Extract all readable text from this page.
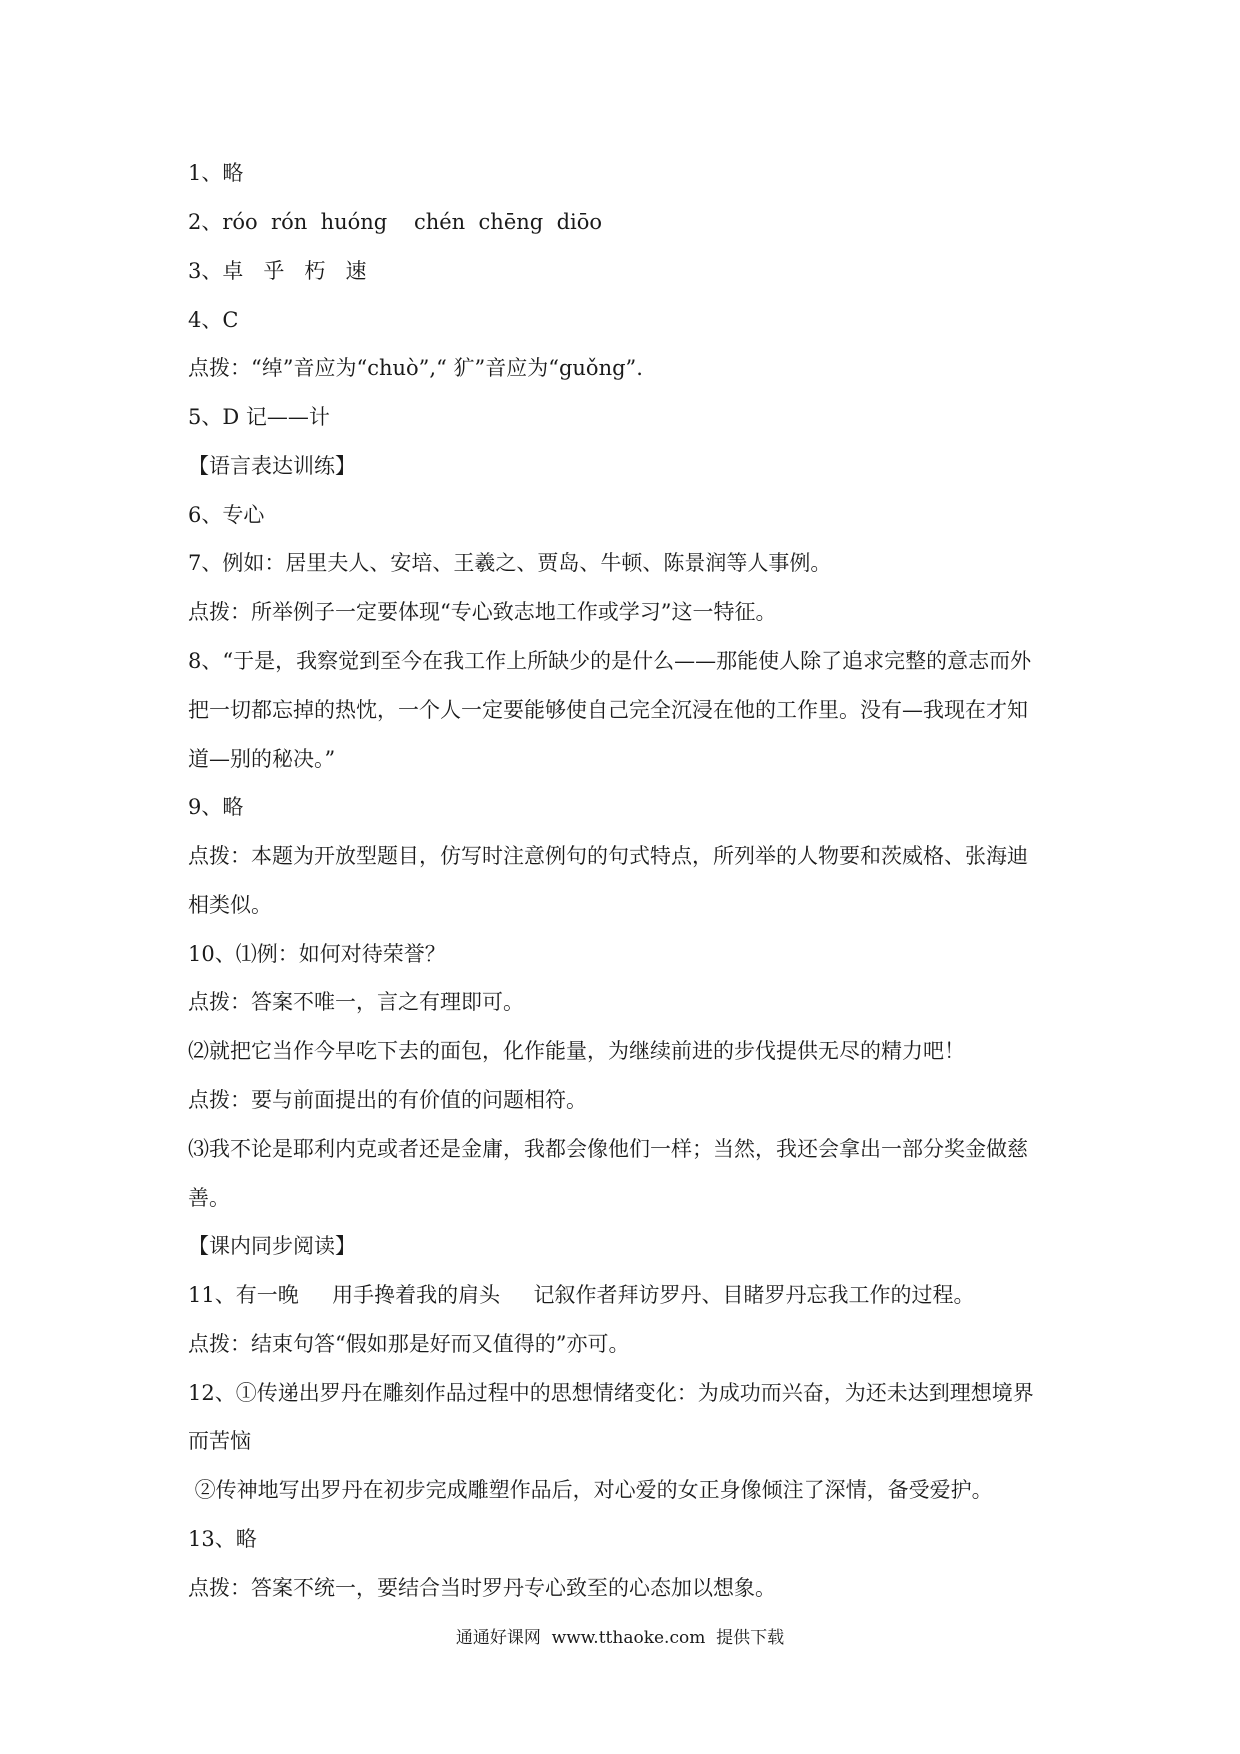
1、略
2、róo  rón  huóng    chén  chēng  diōo
3、卓   乎   朽   速
4、C
点拨：“绰”音应为“chuò”,“ 犷”音应为“guǒng”.
5、D 记——计
【语言表达训练】
6、专心
7、例如：居里夫人、安培、王羲之、贾岛、牛顿、陈景润等人事例。
点拨：所举例子一定要体现“专心致志地工作或学习”这一特征。
8、“于是，我察觉到至今在我工作上所缺少的是什么——那能使人除了追求完整的意志而外
把一切都忘掉的热忱，一个人一定要能够使自己完全沉浸在他的工作里。没有—我现在才知
道—别的秘决。”
9、略
点拨：本题为开放型题目，仿写时注意例句的句式特点，所列举的人物要和茨威格、张海迪
相类似。
10、⑴例：如何对待荣誉？
点拨：答案不唯一，言之有理即可。
⑵就把它当作今早吃下去的面包，化作能量，为继续前进的步伐提供无尽的精力吧！
点拨：要与前面提出的有价值的问题相符。
⑶我不论是耶利内克或者还是金庸，我都会像他们一样；当然，我还会拿出一部分奖金做慈
善。
【课内同步阅读】
11、有一晚     用手搀着我的肩头     记叙作者拜访罗丹、目睹罗丹忘我工作的过程。
点拨：结束句答“假如那是好而又值得的”亦可。
12、①传递出罗丹在雕刻作品过程中的思想情绪变化：为成功而兴奋，为还未达到理想境界
而苦恼
②传神地写出罗丹在初步完成雕塑作品后，对心爱的女正身像倾注了深情，备受爱护。
13、略
点拨：答案不统一，要结合当时罗丹专心致至的心态加以想象。
通通好课网  www.tthaoke.com  提供下载
